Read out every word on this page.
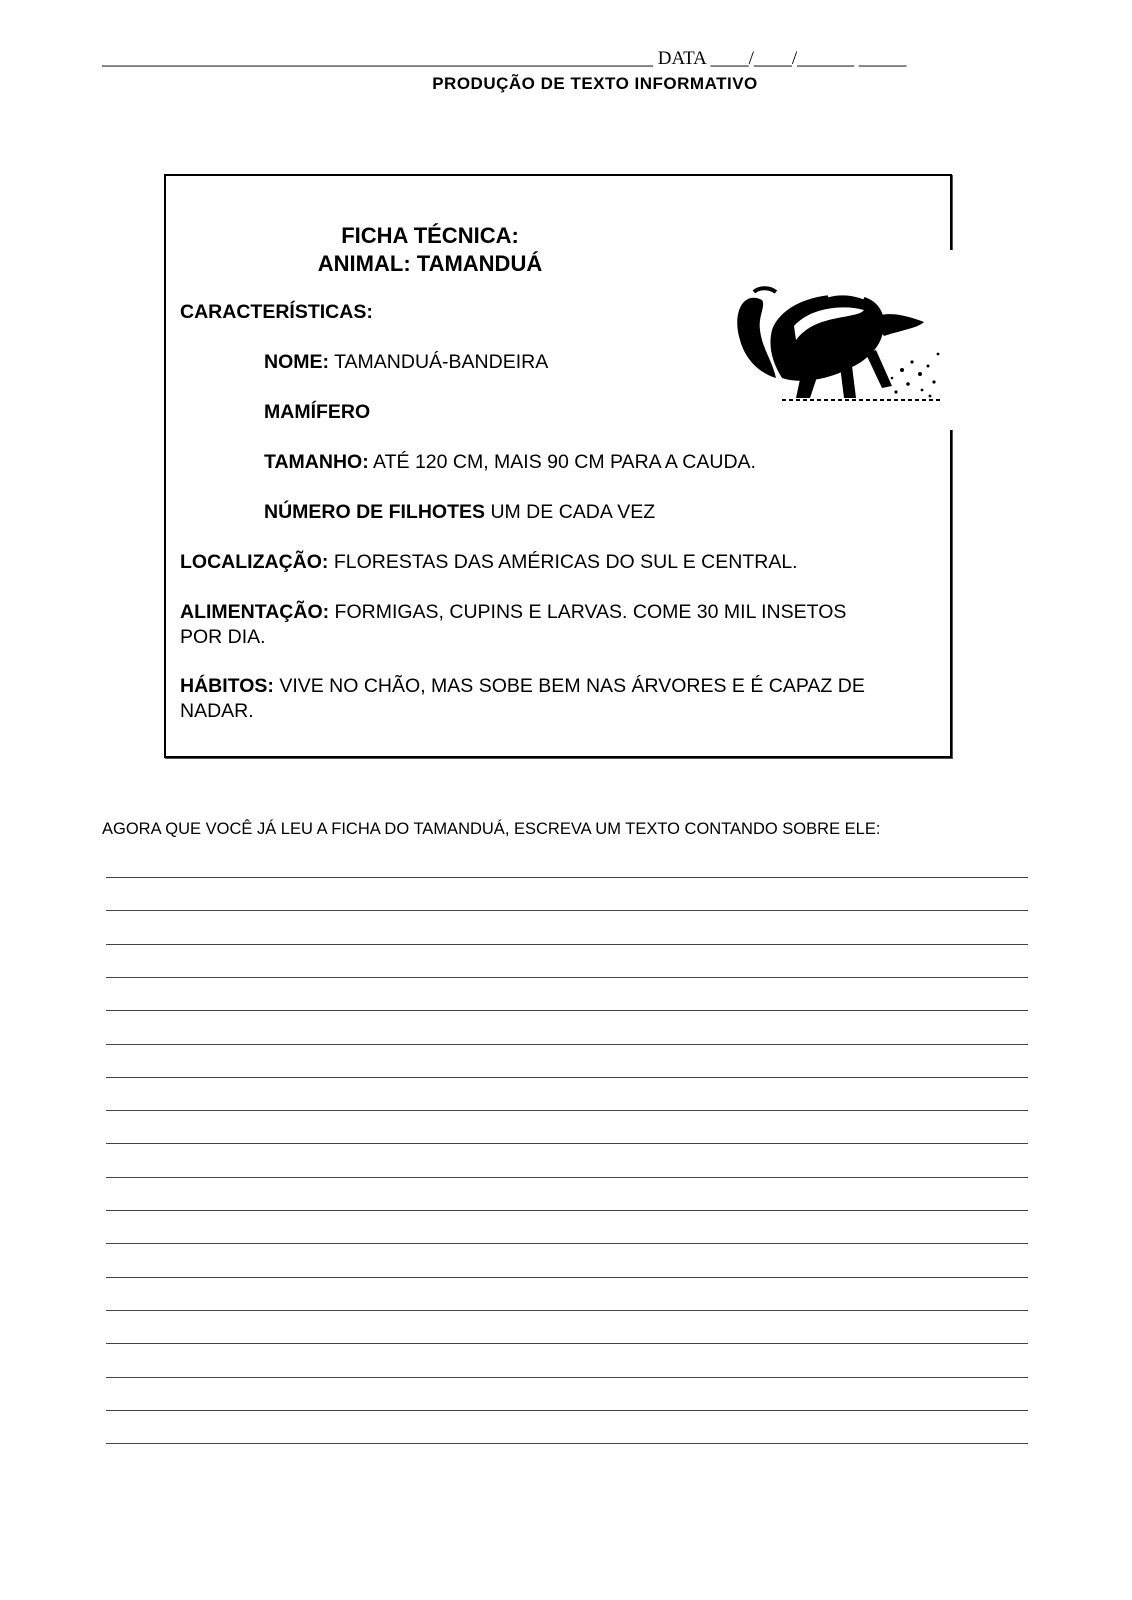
__________________________________________________________ DATA ____/____/______ _____
PRODUÇÃO DE TEXTO INFORMATIVO
FICHA TÉCNICA:
ANIMAL: TAMANDUÁ
CARACTERÍSTICAS:
NOME: TAMANDUÁ-BANDEIRA
MAMÍFERO
TAMANHO: ATÉ 120 CM, MAIS 90 CM PARA A CAUDA.
NÚMERO DE FILHOTES UM DE CADA VEZ
LOCALIZAÇÃO: FLORESTAS DAS AMÉRICAS DO SUL E CENTRAL.
ALIMENTAÇÃO: FORMIGAS, CUPINS E LARVAS. COME 30 MIL INSETOS
POR DIA.
HÁBITOS: VIVE NO CHÃO, MAS SOBE BEM NAS ÁRVORES E É CAPAZ DE
NADAR.
AGORA QUE VOCÊ JÁ LEU A FICHA DO TAMANDUÁ, ESCREVA UM TEXTO CONTANDO SOBRE ELE:
